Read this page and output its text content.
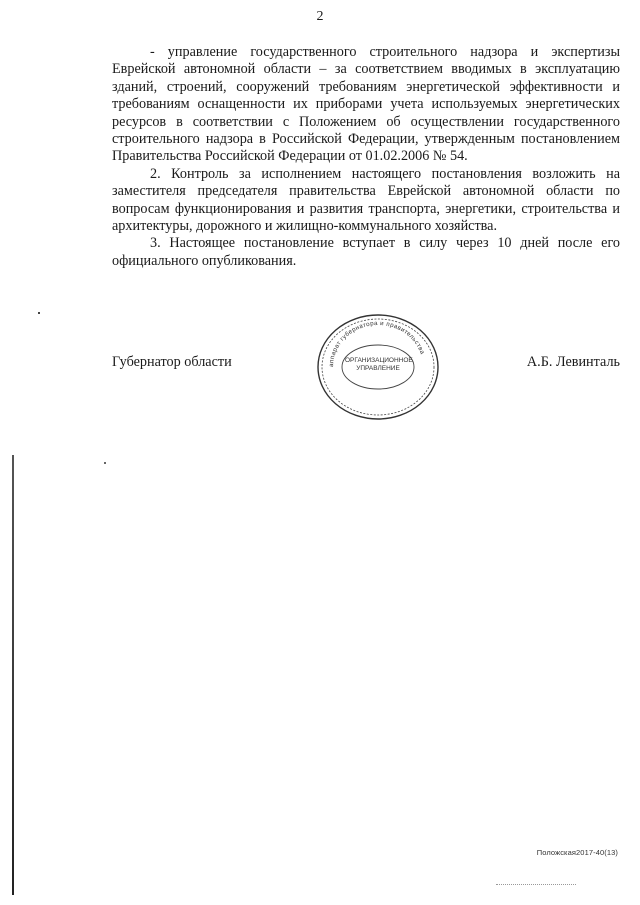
2

- управление государственного строительного надзора и экспертизы Еврейской автономной области – за соответствием вводимых в эксплуатацию зданий, строений, сооружений требованиям энергетической эффективности и требованиям оснащенности их приборами учета используемых энергетических ресурсов в соответствии с Положением об осуществлении государственного строительного надзора в Российской Федерации, утвержденным постановлением Правительства Российской Федерации от 01.02.2006 № 54.

2. Контроль за исполнением настоящего постановления возложить на заместителя председателя правительства Еврейской автономной области по вопросам функционирования и развития транспорта, энергетики, строительства и архитектуры, дорожного и жилищно-коммунального хозяйства.

3. Настоящее постановление вступает в силу через 10 дней после его официального опубликования.

Губернатор области	А.Б. Левинталь
аппарат губернатора и правительства
ОРГАНИЗАЦИОННОЕ УПРАВЛЕНИЕ
Положская2017-40(13)
